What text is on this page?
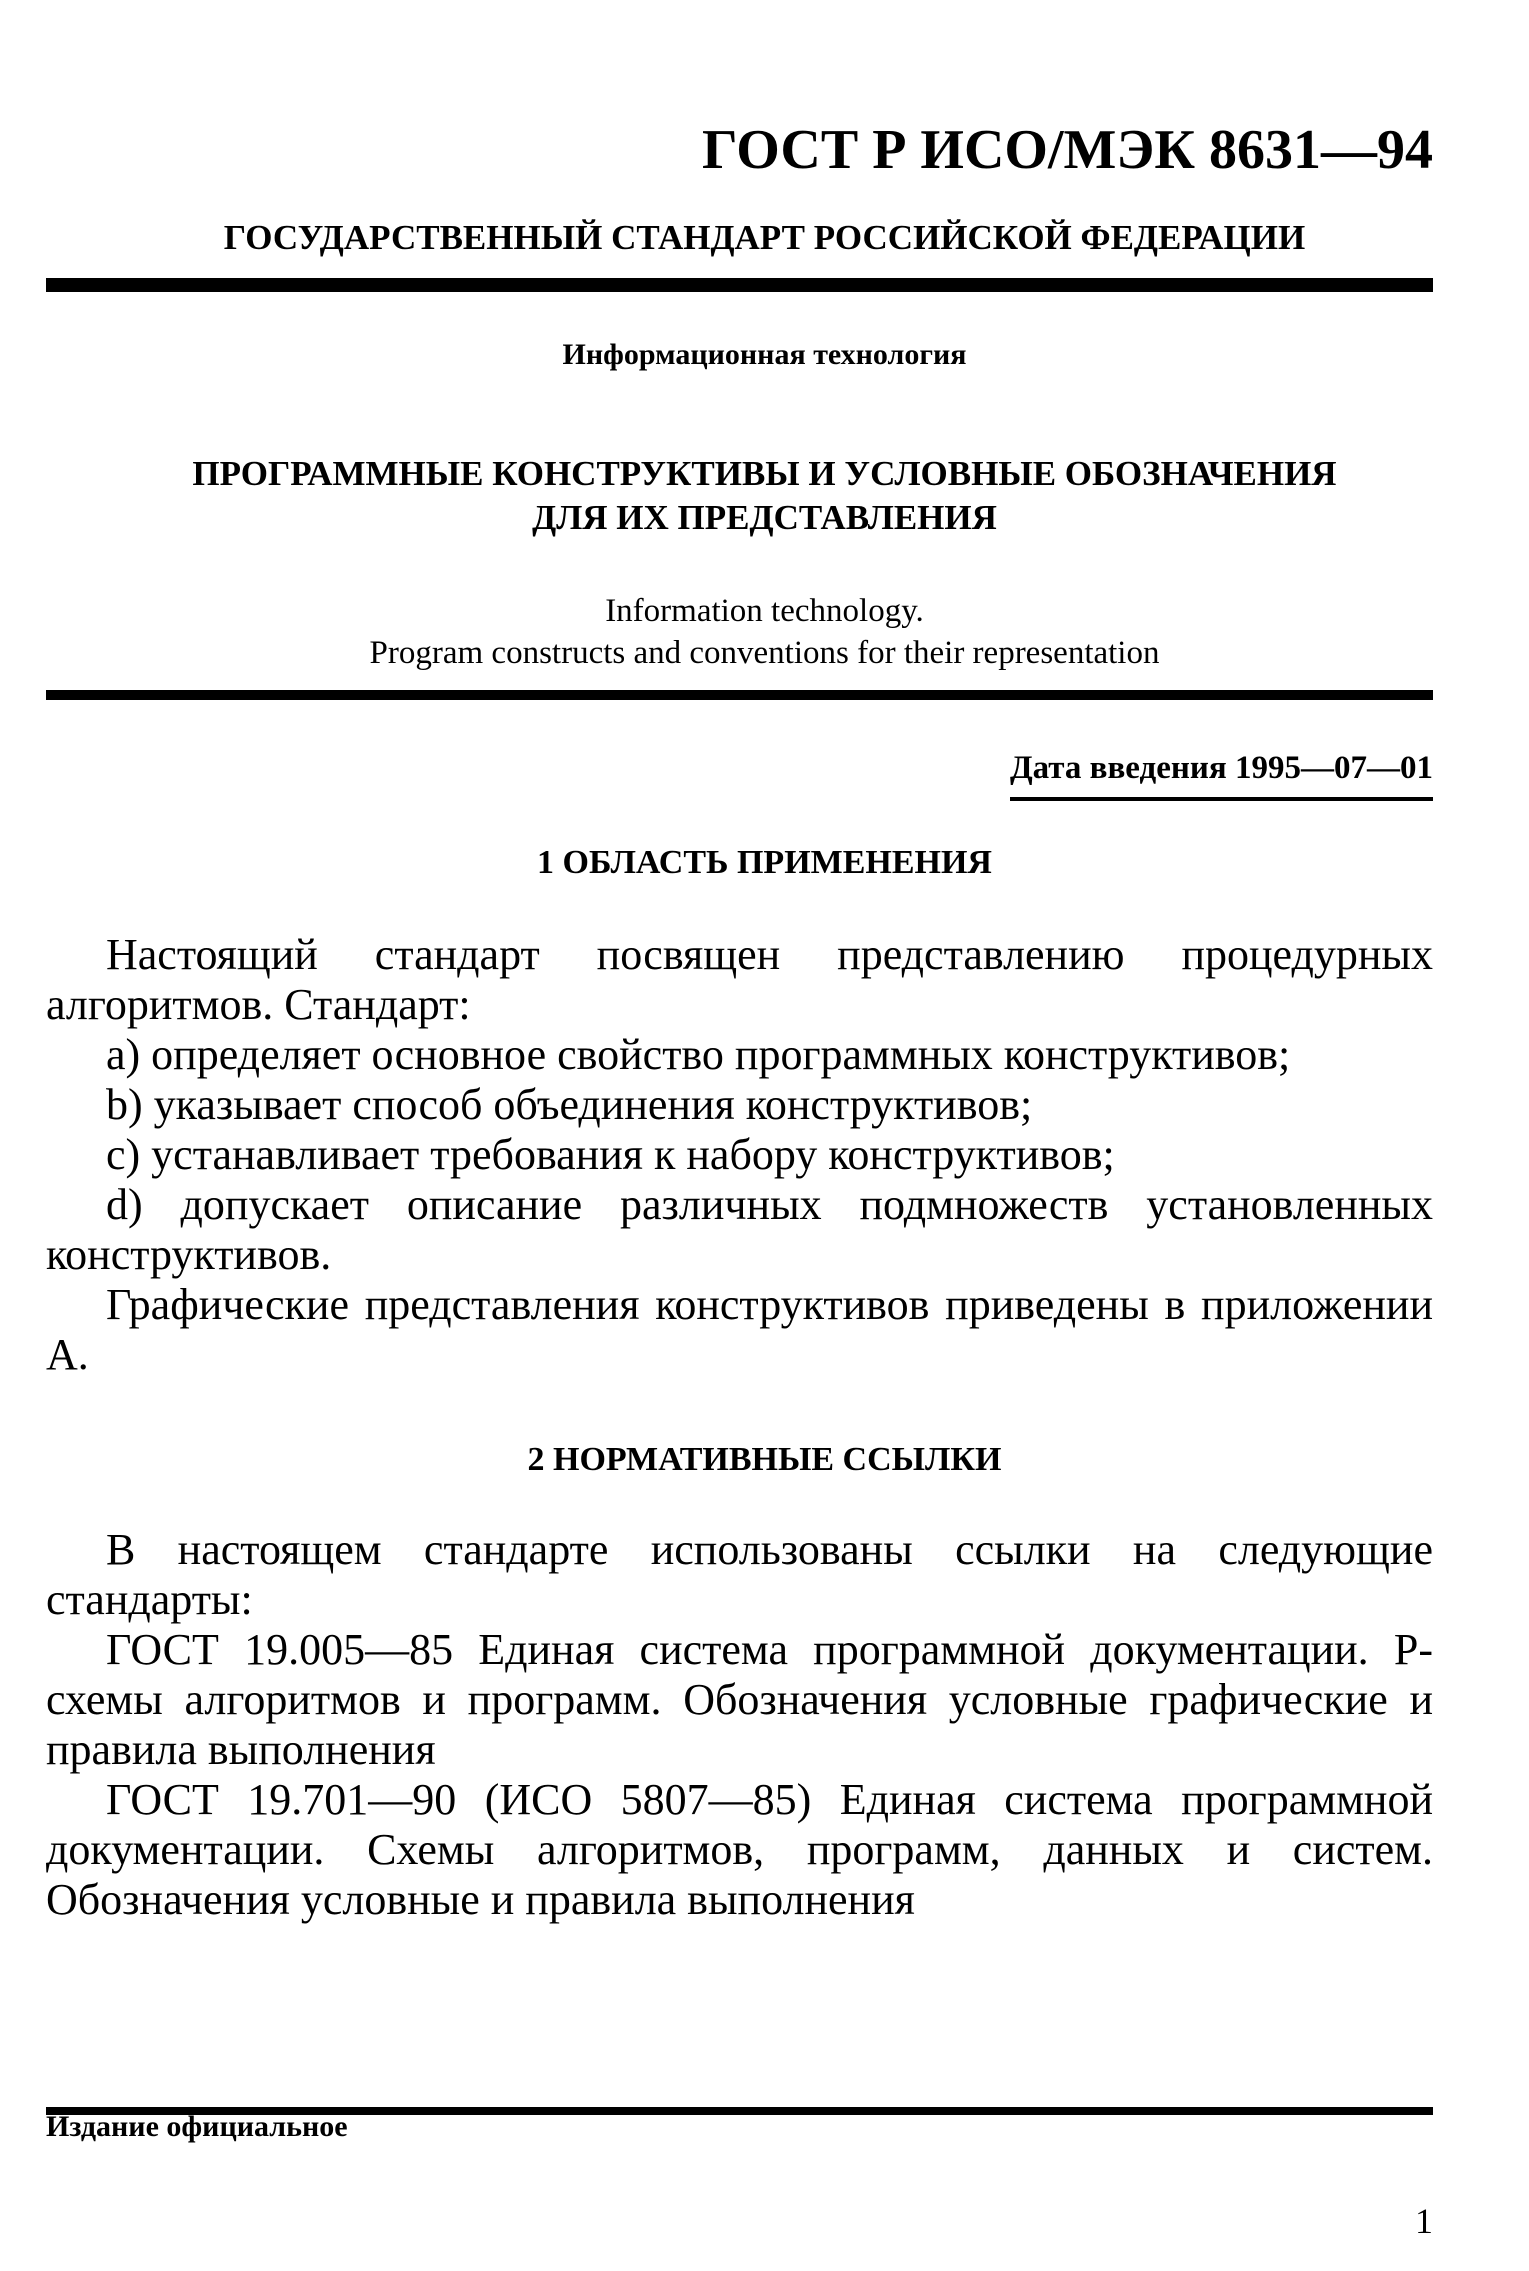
ГОСТ Р ИСО/МЭК 8631—94
ГОСУДАРСТВЕННЫЙ СТАНДАРТ РОССИЙСКОЙ ФЕДЕРАЦИИ
Информационная технология
ПРОГРАММНЫЕ КОНСТРУКТИВЫ И УСЛОВНЫЕ ОБОЗНАЧЕНИЯ
ДЛЯ ИХ ПРЕДСТАВЛЕНИЯ
Information technology.
Program constructs and conventions for their representation
Дата введения 1995—07—01
1 ОБЛАСТЬ ПРИМЕНЕНИЯ

Настоящий стандарт посвящен представлению процедурных алгоритмов. Стандарт:

a) определяет основное свойство программных конструктивов;

b) указывает способ объединения конструктивов;

c) устанавливает требования к набору конструктивов;

d) допускает описание различных подмножеств установленных конструктивов.

Графические представления конструктивов приведены в приложении А.

2 НОРМАТИВНЫЕ ССЫЛКИ

В настоящем стандарте использованы ссылки на следующие стандарты:

ГОСТ 19.005—85 Единая система программной документации. Р-схемы алгоритмов и программ. Обозначения условные графические и правила выполнения

ГОСТ 19.701—90 (ИСО 5807—85) Единая система программной документации. Схемы алгоритмов, программ, данных и систем. Обозначения условные и правила выполнения

Издание официальное
1
